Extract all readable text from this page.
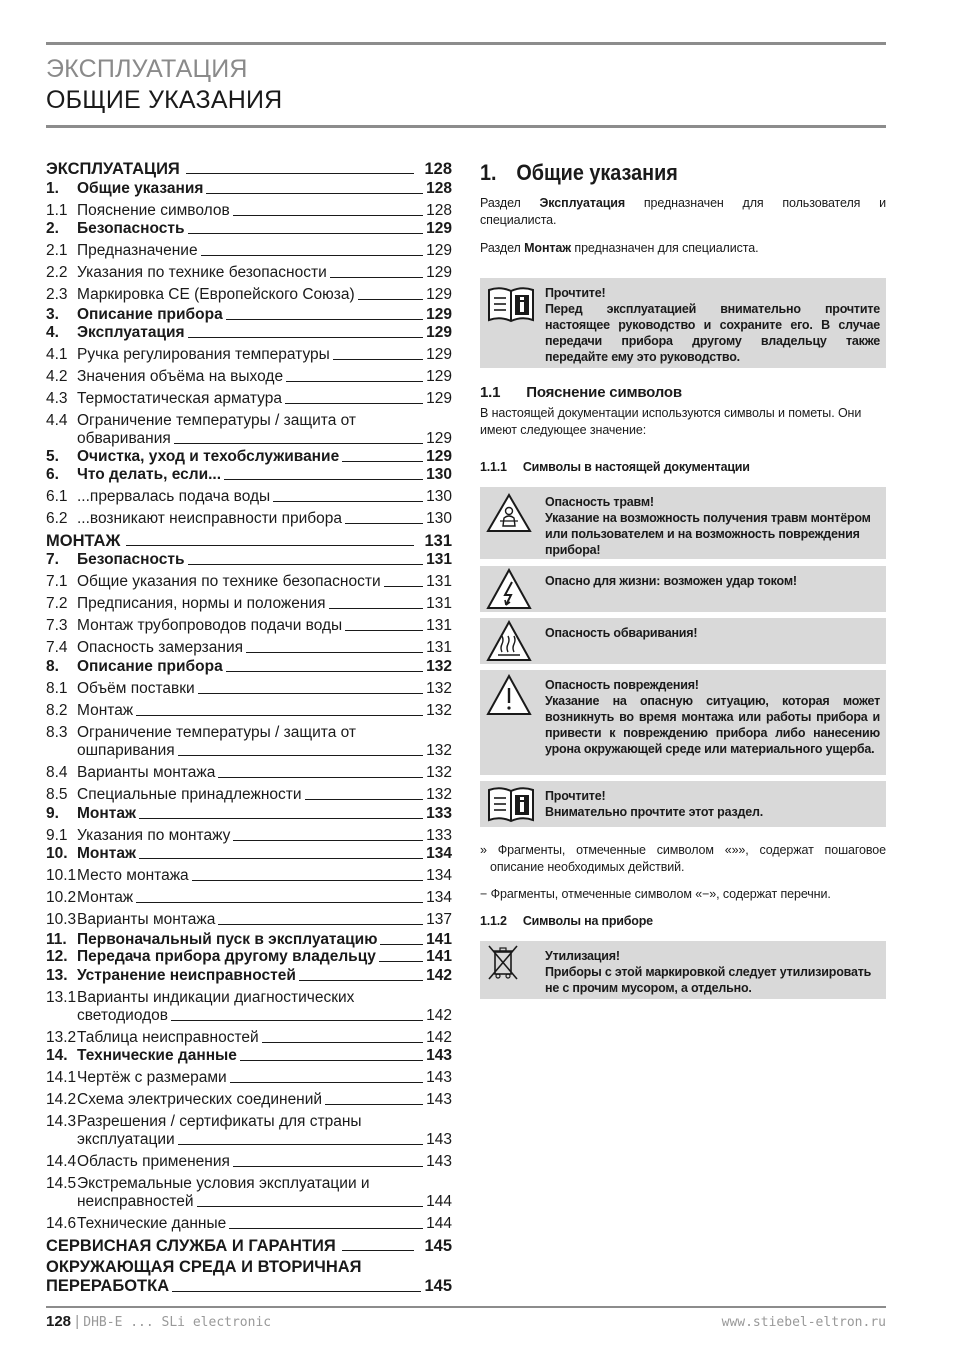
ЭКСПЛУАТАЦИЯ
ОБЩИЕ УКАЗАНИЯ
ЭКСПЛУАТАЦИЯ	128
1.	Общие указания	128
1.1 Пояснение символов	128
2.	Безопасность	129
2.1 Предназначение	129
2.2 Указания по технике безопасности	129
2.3 Маркировка CE (Европейского Союза)	129
3.	Описание прибора	129
4.	Эксплуатация	129
4.1 Ручка регулирования температуры	129
4.2 Значения объёма на выходе	129
4.3 Термостатическая арматура	129
4.4 Ограничение температуры / защита от
обваривания	129
5.	Очистка, уход и техобслуживание	129
6.	Что делать, если...	130
6.1 ...прервалась подача воды	130
6.2 ...возникают неисправности прибора	130
МОНТАЖ	131
7.	Безопасность	131
7.1 Общие указания по технике безопасности	131
7.2 Предписания, нормы и положения	131
7.3 Монтаж трубопроводов подачи воды	131
7.4 Опасность замерзания	131
8.	Описание прибора	132
8.1 Объём поставки	132
8.2 Монтаж	132
8.3 Ограничение температуры / защита от
ошпаривания	132
8.4 Варианты монтажа	132
8.5 Специальные принадлежности	132
9.	Монтаж	133
9.1 Указания по монтажу	133
10. Монтаж	134
10.1 Место монтажа	134
10.2 Монтаж	134
10.3 Варианты монтажа	137
11. Первоначальный пуск в эксплуатацию	141
12. Передача прибора другому владельцу	141
13. Устранение неисправностей	142
13.1 Варианты индикации диагностических
светодиодов	142
13.2 Таблица неисправностей	142
14. Технические данные	143
14.1 Чертёж с размерами	143
14.2 Схема электрических соединений	143
14.3 Разрешения / сертификаты для страны
эксплуатации	143
14.4 Область применения	143
14.5 Экстремальные условия эксплуатации и
неисправностей	144
14.6 Технические данные	144
СЕРВИСНАЯ СЛУЖБА И ГАРАНТИЯ	145
ОКРУЖАЮЩАЯ СРЕДА И ВТОРИЧНАЯ
ПЕРЕРАБОТКА	145
1. Общие указания
Раздел Эксплуатация предназначен для пользователя и специалиста.
Раздел Монтаж предназначен для специалиста.
Прочтите!
Перед эксплуатацией внимательно прочтите настоящее руководство и сохраните его. В случае передачи прибора другому владельцу также передайте ему это руководство.
1.1 Пояснение символов
В настоящей документации используются символы и пометы. Они имеют следующее значение:
1.1.1 Символы в настоящей документации
Опасность травм!
Указание на возможность получения травм монтёром или пользователем и на возможность повреждения прибора!
Опасно для жизни: возможен удар током!
Опасность обваривания!
Опасность повреждения!
Указание на опасную ситуацию, которая может возникнуть во время монтажа или работы прибора и привести к повреждению прибора либо нанесению урона окружающей среде или материального ущерба.
Прочтите!
Внимательно прочтите этот раздел.
» Фрагменты, отмеченные символом «»», содержат пошаговое описание необходимых действий.
− Фрагменты, отмеченные символом «−», содержат перечни.
1.1.2 Символы на приборе
Утилизация!
Приборы с этой маркировкой следует утилизировать не с прочим мусором, а отдельно.
128 | DHB-E ... SLi electronic	www.stiebel-eltron.ru
